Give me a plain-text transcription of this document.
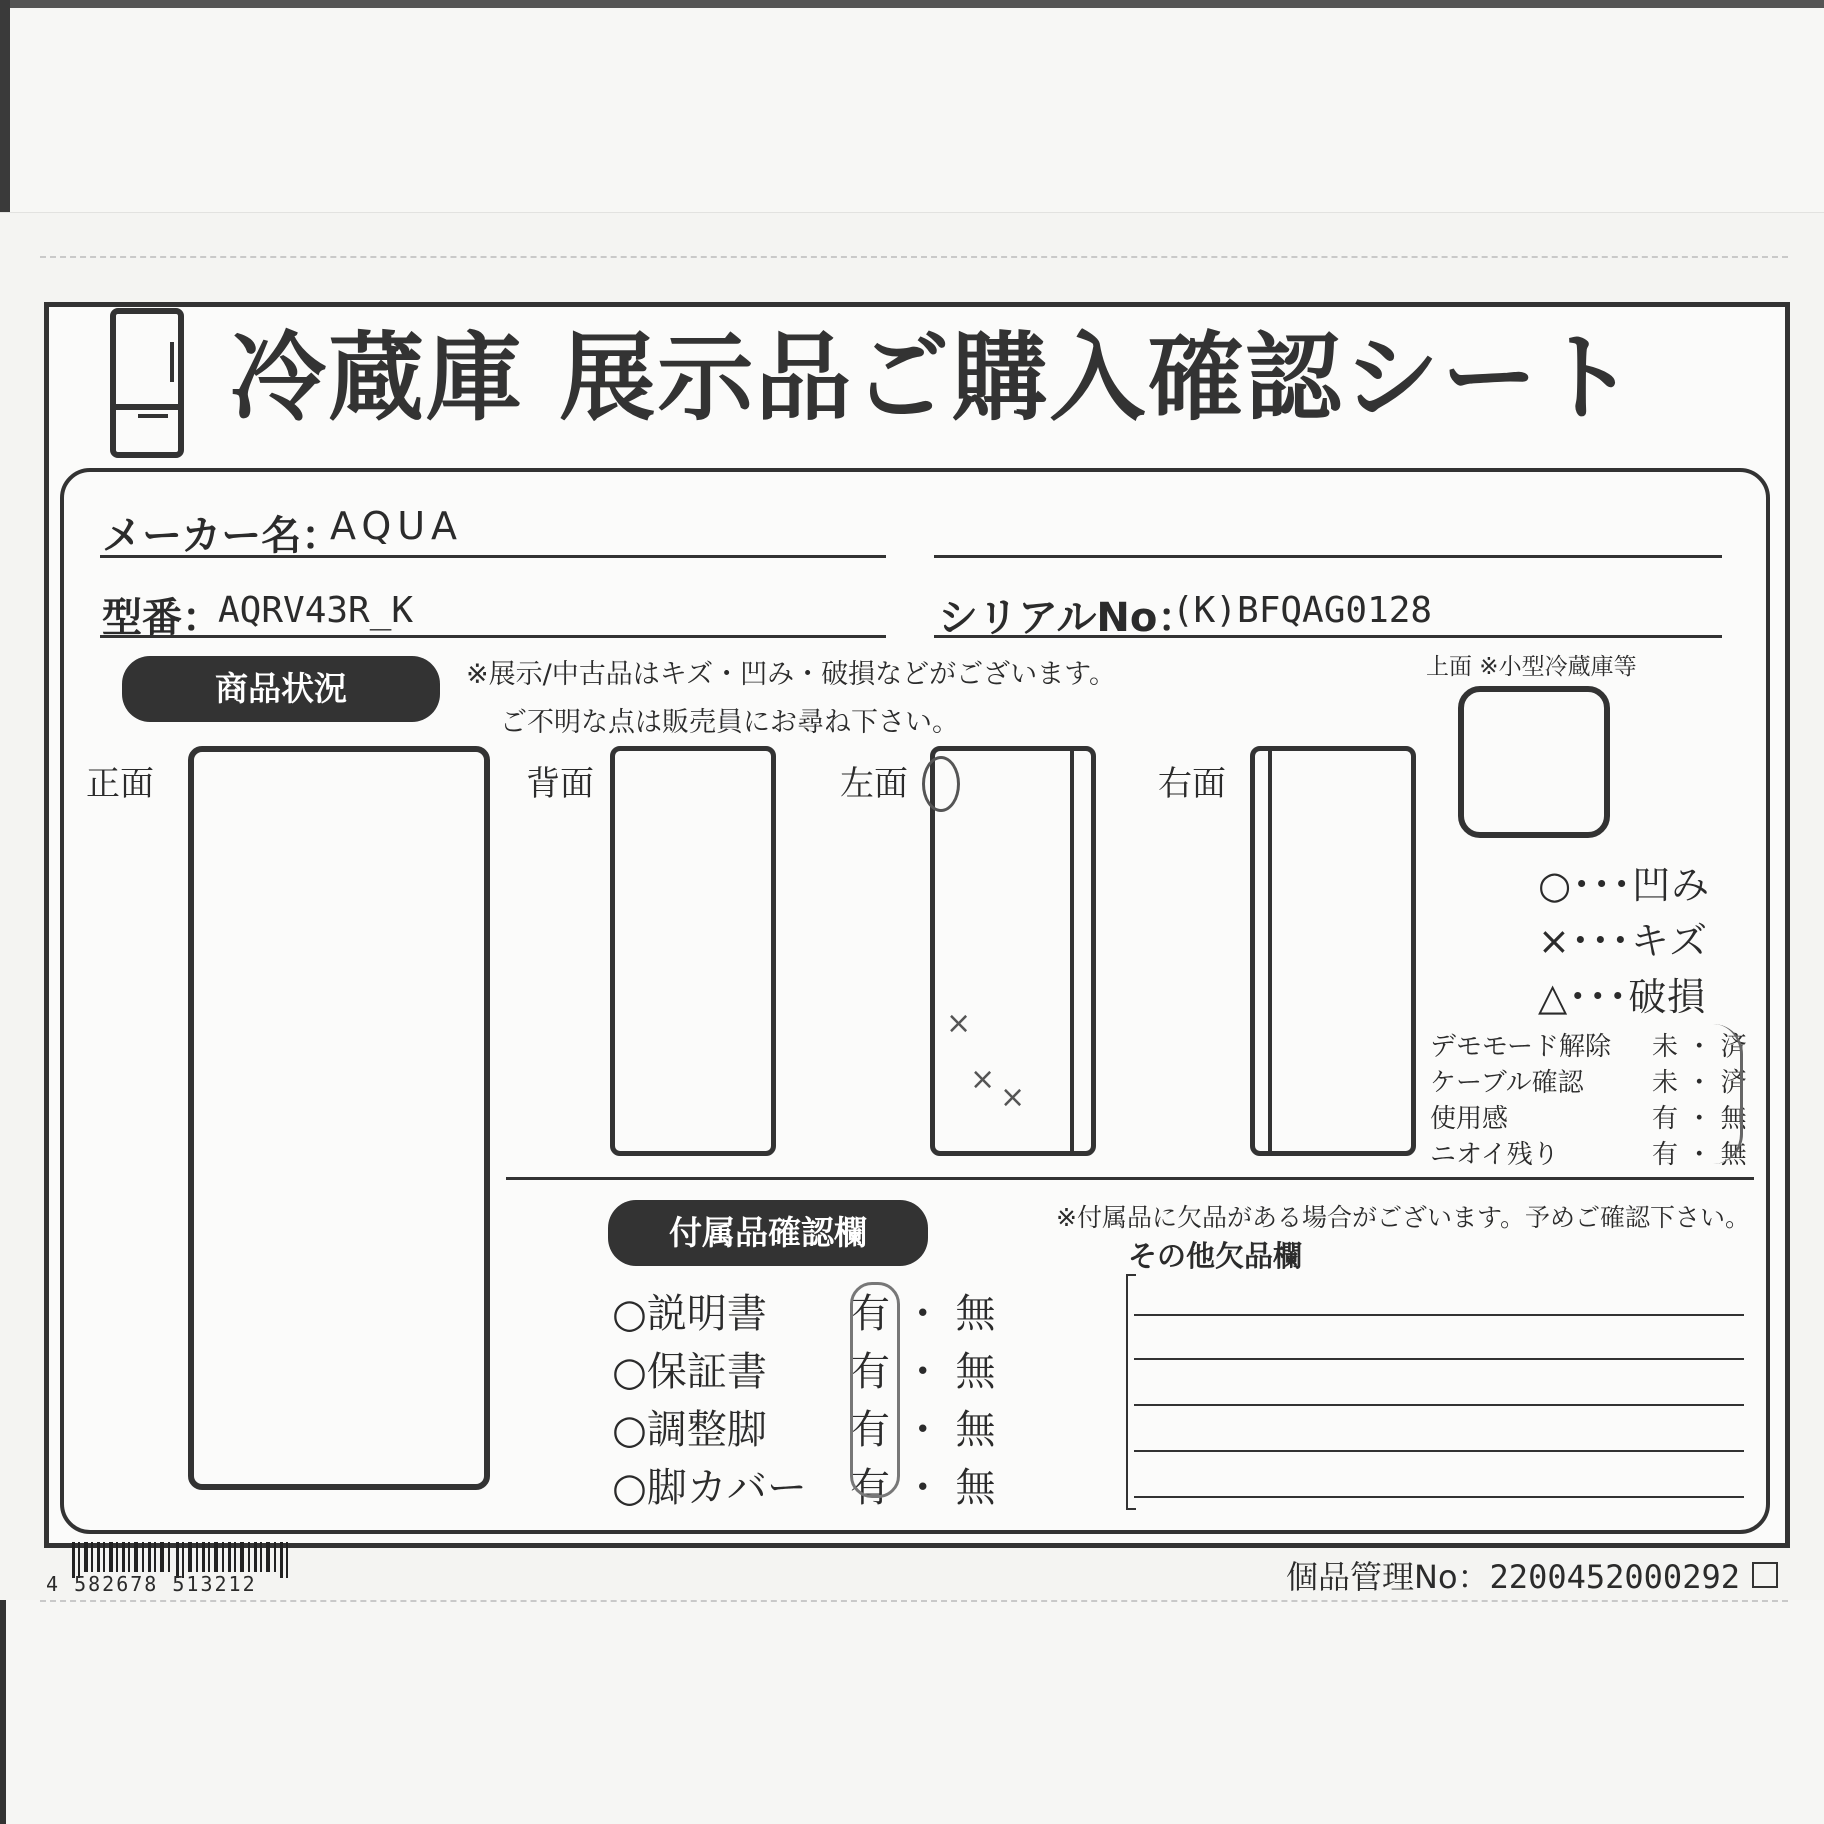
冷蔵庫 展示品ご購入確認シート
メーカー名：
AQUA
型番：
AQRV43R_K	シリアルNo：
(K)BFQAG0128
商品状況	※展示/中古品はキズ・凹み・破損などがございます。
ご不明な点は販売員にお尋ね下さい。
上面 ※小型冷蔵庫等
正面	背面	左面
×
×
×
右面
○･･･凹み
×･･･キズ
△･･･破損
デモモード解除 未 ・ 済
ケーブル確認	未 ・ 済
使用感	有 ・ 無
ニオイ残り	有 ・ 無
付属品確認欄	※付属品に欠品がある場合がございます。予めご確認下さい。
その他欠品欄
○説明書 有 ・ 無
○保証書 有 ・ 無
○調整脚 有 ・ 無
○脚カバー 有 ・ 無
4 582678 513212	個品管理No：2200452000292
